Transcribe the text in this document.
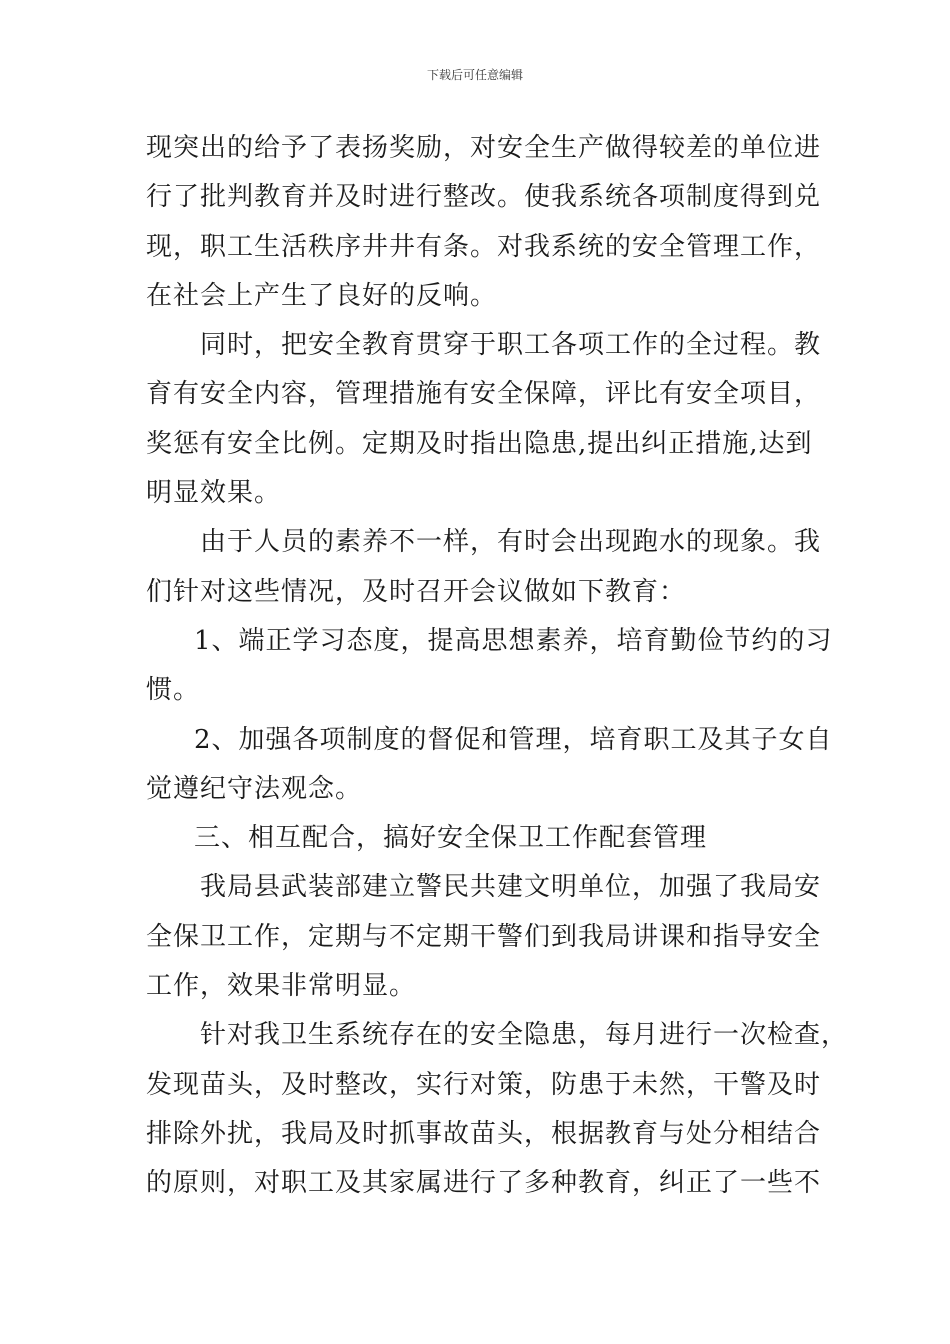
下载后可任意编辑
现突出的给予了表扬奖励，对安全生产做得较差的单位进
行了批判教育并及时进行整改。使我系统各项制度得到兑
现，职工生活秩序井井有条。对我系统的安全管理工作，
在社会上产生了良好的反响。
同时，把安全教育贯穿于职工各项工作的全过程。教
育有安全内容，管理措施有安全保障，评比有安全项目，
奖惩有安全比例。定期及时指出隐患,提出纠正措施,达到
明显效果。
由于人员的素养不一样，有时会出现跑水的现象。我
们针对这些情况，及时召开会议做如下教育：
1、端正学习态度，提高思想素养，培育勤俭节约的习
惯。
2、加强各项制度的督促和管理，培育职工及其子女自
觉遵纪守法观念。
三、相互配合，搞好安全保卫工作配套管理
我局县武装部建立警民共建文明单位，加强了我局安
全保卫工作，定期与不定期干警们到我局讲课和指导安全
工作，效果非常明显。
针对我卫生系统存在的安全隐患，每月进行一次检查，
发现苗头，及时整改，实行对策，防患于未然，干警及时
排除外扰，我局及时抓事故苗头，根据教育与处分相结合
的原则，对职工及其家属进行了多种教育，纠正了一些不
